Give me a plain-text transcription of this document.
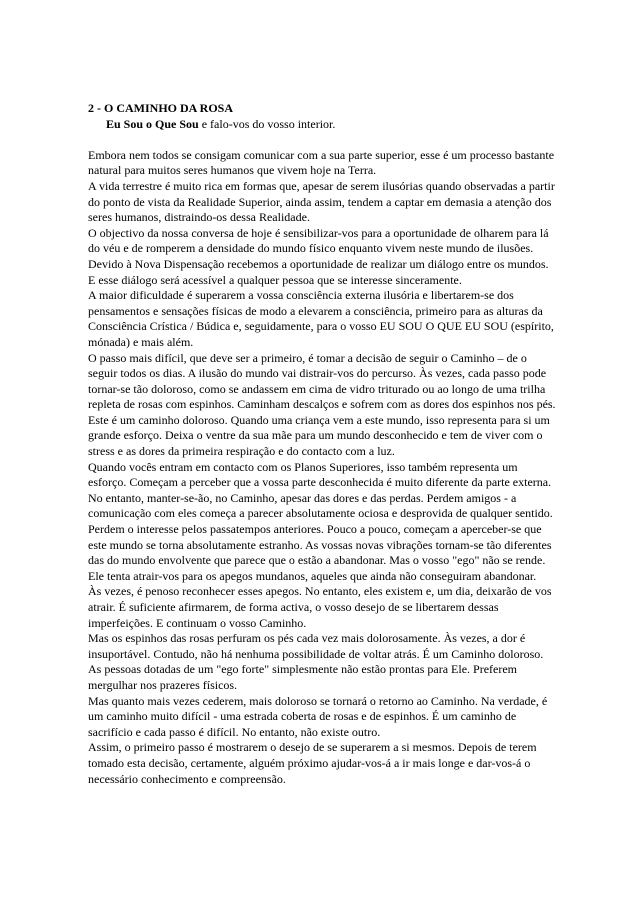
2 - O CAMINHO DA ROSA

Eu Sou o Que Sou e falo-vos do vosso interior.

Embora nem todos se consigam comunicar com a sua parte superior, esse é um processo bastante natural para muitos seres humanos que vivem hoje na Terra.

A vida terrestre é muito rica em formas que, apesar de serem ilusórias quando observadas a partir do ponto de vista da Realidade Superior, ainda assim, tendem a captar em demasia a atenção dos seres humanos, distraindo-os dessa Realidade.

O objectivo da nossa conversa de hoje é sensibilizar-vos para a oportunidade de olharem para lá do véu e de romperem a densidade do mundo físico enquanto vivem neste mundo de ilusões.

Devido à Nova Dispensação recebemos a oportunidade de realizar um diálogo entre os mundos. E esse diálogo será acessível a qualquer pessoa que se interesse sinceramente.

A maior dificuldade é superarem a vossa consciência externa ilusória e libertarem-se dos pensamentos e sensações físicas de modo a elevarem a consciência, primeiro para as alturas da Consciência Crística / Búdica e, seguidamente, para o vosso EU SOU O QUE EU SOU (espírito, mónada) e mais além.

O passo mais difícil, que deve ser a primeiro, é tomar a decisão de seguir o Caminho – de o seguir todos os dias. A ilusão do mundo vai distrair-vos do percurso. Às vezes, cada passo pode tornar-se tão doloroso, como se andassem em cima de vidro triturado ou ao longo de uma trilha repleta de rosas com espinhos. Caminham descalços e sofrem com as dores dos espinhos nos pés.

Este é um caminho doloroso. Quando uma criança vem a este mundo, isso representa para si um grande esforço. Deixa o ventre da sua mãe para um mundo desconhecido e tem de viver com o stress e as dores da primeira respiração e do contacto com a luz.

Quando vocês entram em contacto com os Planos Superiores, isso também representa um esforço. Começam a perceber que a vossa parte desconhecida é muito diferente da parte externa.

No entanto, manter-se-ão, no Caminho, apesar das dores e das perdas. Perdem amigos - a comunicação com eles começa a parecer absolutamente ociosa e desprovida de qualquer sentido. Perdem o interesse pelos passatempos anteriores. Pouco a pouco, começam a aperceber-se que este mundo se torna absolutamente estranho. As vossas novas vibrações tornam-se tão diferentes das do mundo envolvente que parece que o estão a abandonar. Mas o vosso "ego" não se rende. Ele tenta atrair-vos para os apegos mundanos, aqueles que ainda não conseguiram abandonar.

Às vezes, é penoso reconhecer esses apegos. No entanto, eles existem e, um dia, deixarão de vos atrair. É suficiente afirmarem, de forma activa, o vosso desejo de se libertarem dessas imperfeições. E continuam o vosso Caminho.

Mas os espinhos das rosas perfuram os pés cada vez mais dolorosamente. Às vezes, a dor é insuportável. Contudo, não há nenhuma possibilidade de voltar atrás. É um Caminho doloroso. As pessoas dotadas de um "ego forte" simplesmente não estão prontas para Ele. Preferem mergulhar nos prazeres físicos.

Mas quanto mais vezes cederem, mais doloroso se tornará o retorno ao Caminho. Na verdade, é um caminho muito difícil - uma estrada coberta de rosas e de espinhos. É um caminho de sacrifício e cada passo é difícil. No entanto, não existe outro.

Assim, o primeiro passo é mostrarem o desejo de se superarem a si mesmos. Depois de terem tomado esta decisão, certamente, alguém próximo ajudar-vos-á a ir mais longe e dar-vos-á o necessário conhecimento e compreensão.
